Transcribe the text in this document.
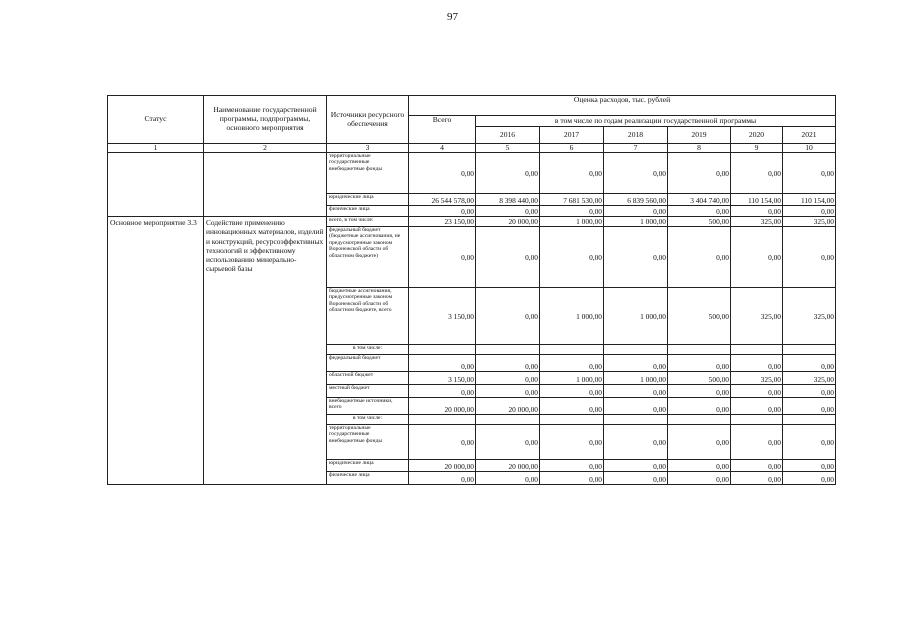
97
Статус	Наименование государственной программы, подпрограммы, основного мероприятия	Источники ресурсного обеспечения	Оценка расходов, тыс. рублей						
			Всего	в том числе по годам реализации государственной программы					
				2016	2017	2018	2019	2020	2021
1	2	3	4	5	6	7	8	9	10
		территориальные государственные внебюджетные фонды	0,00	0,00	0,00	0,00	0,00	0,00	0,00
		юридические лица	26 544 578,00	8 398 440,00	7 681 530,00	6 839 560,00	3 404 740,00	110 154,00	110 154,00
		физические лица	0,00	0,00	0,00	0,00	0,00	0,00	0,00
Основное мероприятие 3.3	Содействие применению инновационных материалов, изделий и конструкций, ресурсоэффективных технологий и эффективному использованию минерально-сырьевой базы	всего, в том числе:	23 150,00	20 000,00	1 000,00	1 000,00	500,00	325,00	325,00
		федеральный бюджет (бюджетные ассигнования, не предусмотренные законом Воронежской области об областном бюджете)	0,00	0,00	0,00	0,00	0,00	0,00	0,00
		бюджетные ассигнования, предусмотренные законом Воронежской области об областном бюджете, всего	3 150,00	0,00	1 000,00	1 000,00	500,00	325,00	325,00
		в том числе:							
		федеральный бюджет	0,00	0,00	0,00	0,00	0,00	0,00	0,00
		областной бюджет	3 150,00	0,00	1 000,00	1 000,00	500,00	325,00	325,00
		местный бюджет	0,00	0,00	0,00	0,00	0,00	0,00	0,00
		внебюджетные источники, всего	20 000,00	20 000,00	0,00	0,00	0,00	0,00	0,00
		в том числе:							
		территориальные государственные внебюджетные фонды	0,00	0,00	0,00	0,00	0,00	0,00	0,00
		юридические лица	20 000,00	20 000,00	0,00	0,00	0,00	0,00	0,00
		физические лица	0,00	0,00	0,00	0,00	0,00	0,00	0,00
